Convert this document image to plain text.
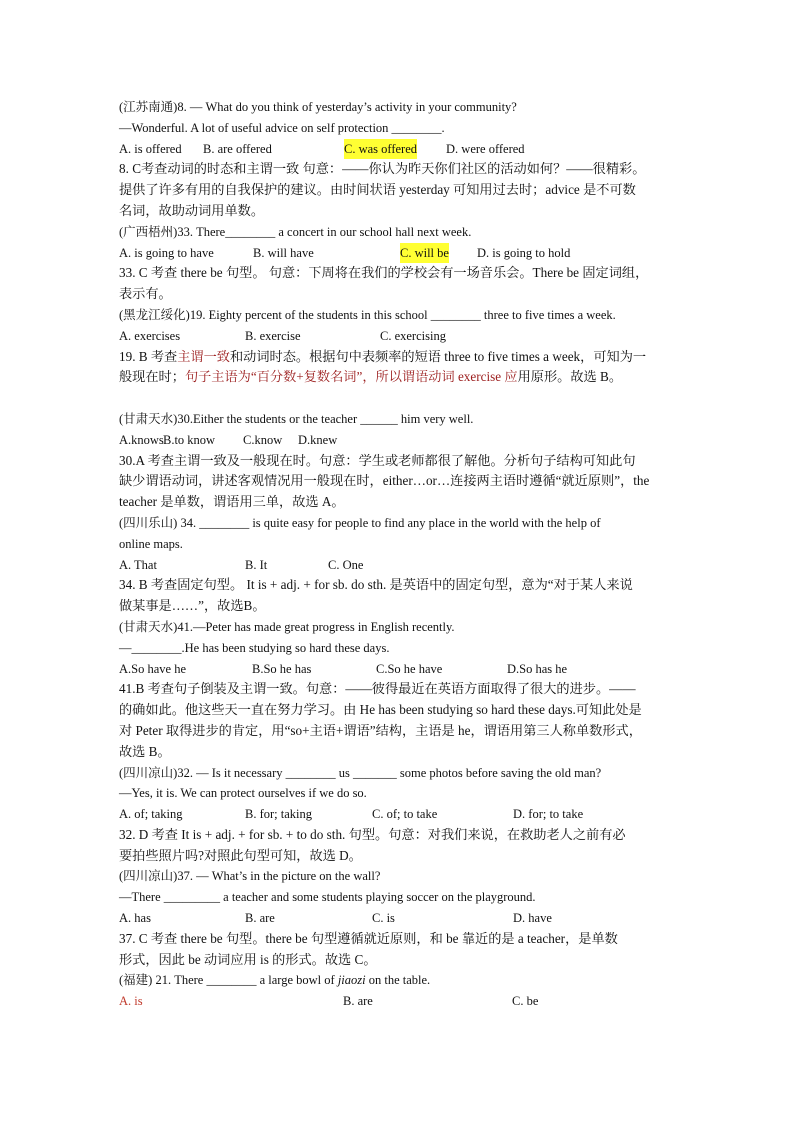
(江苏南通)8. — What do you think of yesterday’s activity in your community?
—Wonderful. A lot of useful advice on self protection ________.
A. is offered B. are offered	C. was offered D. were offered
8. C考查动词的时态和主谓一致 句意：——你认为昨天你们社区的活动如何？——很精彩。
提供了许多有用的自我保护的建议。由时间状语 yesterday 可知用过去时；advice 是不可数
名词，故助动词用单数。
(广西梧州)33. There________ a concert in our school hall next week.
A. is going to have	B. will have	C. will be D. is going to hold
33. C 考查 there be 句型。 句意：下周将在我们的学校会有一场音乐会。There be 固定词组，
表示有。
(黑龙江绥化)19. Eighty percent of the students in this school ________ three to five times a week.
A. exercises	B. exercise	C. exercising
19. B 考查主谓一致和动词时态。根据句中表频率的短语 three to five times a week，可知为一
般现在时；句子主语为“百分数+复数名词”，所以谓语动词 exercise 应用原形。故选 B。
(甘肃天水)30.Either the students or the teacher ______ him very well.
A.knowsB.to know C.know D.knew
30.A 考查主谓一致及一般现在时。句意：学生或老师都很了解他。分析句子结构可知此句
缺少谓语动词，讲述客观情况用一般现在时，either…or…连接两主语时遵循“就近原则”，the
teacher 是单数，谓语用三单，故选 A。
(四川乐山) 34. ________ is quite easy for people to find any place in the world with the help of
online maps.
A. That	B. It	C. One
34. B 考查固定句型。 It is + adj. + for sb. do sth. 是英语中的固定句型，意为“对于某人来说
做某事是……”，故选B。
(甘肃天水)41.—Peter has made great progress in English recently.
—________.He has been studying so hard these days.
A.So have he	B.So he has	C.So he have	D.So has he
41.B 考查句子倒装及主谓一致。句意：——彼得最近在英语方面取得了很大的进步。——
的确如此。他这些天一直在努力学习。由 He has been studying so hard these days.可知此处是
对 Peter 取得进步的肯定，用“so+主语+谓语”结构，主语是 he，谓语用第三人称单数形式，
故选 B。
(四川凉山)32. — Is it necessary ________ us _______ some photos before saving the old man?
—Yes, it is. We can protect ourselves if we do so.
A. of; taking	B. for; taking	C. of; to take	D. for; to take
32. D 考查 It is + adj. + for sb. + to do sth. 句型。句意：对我们来说，在救助老人之前有必
要拍些照片吗?对照此句型可知，故选 D。
(四川凉山)37. — What’s in the picture on the wall?
—There _________ a teacher and some students playing soccer on the playground.
A. has	B. are	C. is	D. have
37. C 考查 there be 句型。there be 句型遵循就近原则，和 be 靠近的是 a teacher，是单数
形式，因此 be 动词应用 is 的形式。故选 C。
(福建) 21. There ________ a large bowl of jiaozi on the table.
A. is	B. are	C. be
